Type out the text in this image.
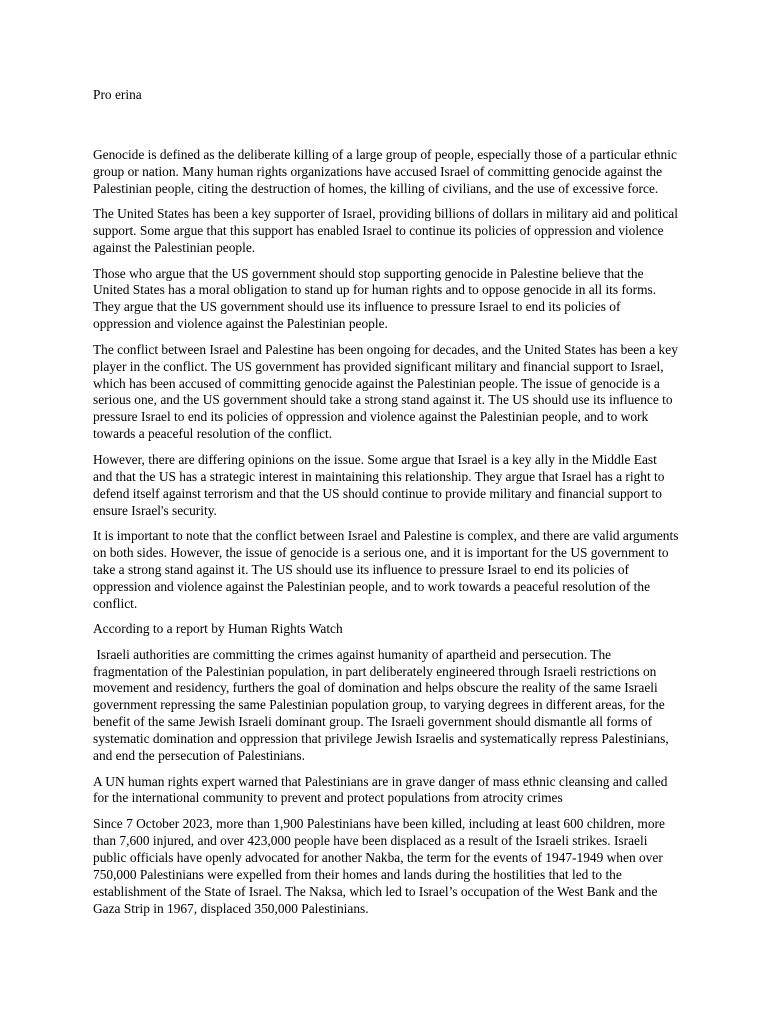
Pro erina

Genocide is defined as the deliberate killing of a large group of people, especially those of a particular ethnic group or nation. Many human rights organizations have accused Israel of committing genocide against the Palestinian people, citing the destruction of homes, the killing of civilians, and the use of excessive force.

The United States has been a key supporter of Israel, providing billions of dollars in military aid and political support. Some argue that this support has enabled Israel to continue its policies of oppression and violence against the Palestinian people.

Those who argue that the US government should stop supporting genocide in Palestine believe that the United States has a moral obligation to stand up for human rights and to oppose genocide in all its forms. They argue that the US government should use its influence to pressure Israel to end its policies of oppression and violence against the Palestinian people.

The conflict between Israel and Palestine has been ongoing for decades, and the United States has been a key player in the conflict. The US government has provided significant military and financial support to Israel, which has been accused of committing genocide against the Palestinian people. The issue of genocide is a serious one, and the US government should take a strong stand against it. The US should use its influence to pressure Israel to end its policies of oppression and violence against the Palestinian people, and to work towards a peaceful resolution of the conflict.

However, there are differing opinions on the issue. Some argue that Israel is a key ally in the Middle East and that the US has a strategic interest in maintaining this relationship. They argue that Israel has a right to defend itself against terrorism and that the US should continue to provide military and financial support to ensure Israel's security.

It is important to note that the conflict between Israel and Palestine is complex, and there are valid arguments on both sides. However, the issue of genocide is a serious one, and it is important for the US government to take a strong stand against it. The US should use its influence to pressure Israel to end its policies of oppression and violence against the Palestinian people, and to work towards a peaceful resolution of the conflict.

According to a report by Human Rights Watch

Israeli authorities are committing the crimes against humanity of apartheid and persecution. The fragmentation of the Palestinian population, in part deliberately engineered through Israeli restrictions on movement and residency, furthers the goal of domination and helps obscure the reality of the same Israeli government repressing the same Palestinian population group, to varying degrees in different areas, for the benefit of the same Jewish Israeli dominant group. The Israeli government should dismantle all forms of systematic domination and oppression that privilege Jewish Israelis and systematically repress Palestinians, and end the persecution of Palestinians.

A UN human rights expert warned that Palestinians are in grave danger of mass ethnic cleansing and called for the international community to prevent and protect populations from atrocity crimes

Since 7 October 2023, more than 1,900 Palestinians have been killed, including at least 600 children, more than 7,600 injured, and over 423,000 people have been displaced as a result of the Israeli strikes. Israeli public officials have openly advocated for another Nakba, the term for the events of 1947-1949 when over 750,000 Palestinians were expelled from their homes and lands during the hostilities that led to the establishment of the State of Israel. The Naksa, which led to Israel’s occupation of the West Bank and the Gaza Strip in 1967, displaced 350,000 Palestinians.
